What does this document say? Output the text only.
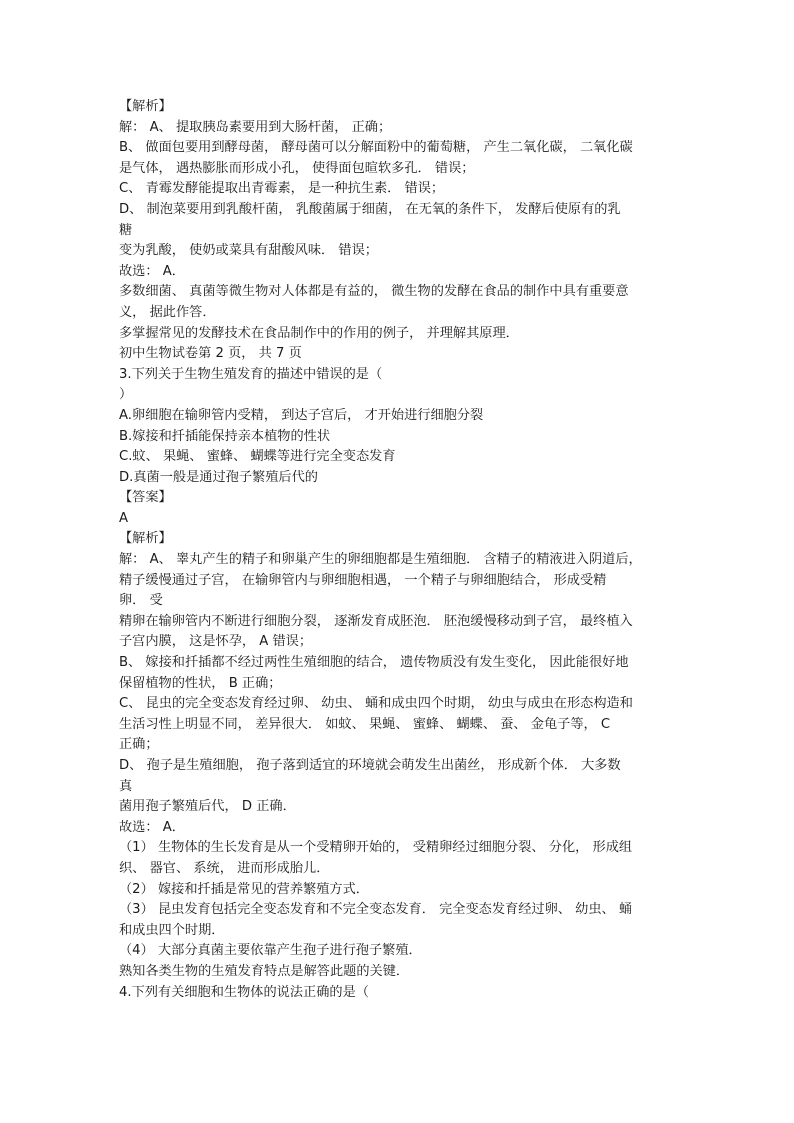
【解析】
解： A、 提取胰岛素要用到大肠杆菌， 正确；
B、 做面包要用到酵母菌， 酵母菌可以分解面粉中的葡萄糖， 产生二氧化碳， 二氧化碳
是气体， 遇热膨胀而形成小孔， 使得面包暄软多孔． 错误；
C、 青霉发酵能提取出青霉素， 是一种抗生素． 错误；
D、 制泡菜要用到乳酸杆菌， 乳酸菌属于细菌， 在无氧的条件下， 发酵后使原有的乳
糖
变为乳酸， 使奶或菜具有甜酸风味． 错误；
故选： A．
多数细菌、 真菌等微生物对人体都是有益的， 微生物的发酵在食品的制作中具有重要意
义， 据此作答．
多掌握常见的发酵技术在食品制作中的作用的例子， 并理解其原理．
初中生物试卷第 2 页， 共 7 页
3.下列关于生物生殖发育的描述中错误的是（
）
A.卵细胞在输卵管内受精， 到达子宫后， 才开始进行细胞分裂
B.嫁接和扦插能保持亲本植物的性状
C.蚊、 果蝇、 蜜蜂、 蝴蝶等进行完全变态发育
D.真菌一般是通过孢子繁殖后代的
【答案】
A
【解析】
解： A、 睾丸产生的精子和卵巢产生的卵细胞都是生殖细胞． 含精子的精液进入阴道后，
精子缓慢通过子宫， 在输卵管内与卵细胞相遇， 一个精子与卵细胞结合， 形成受精
卵． 受
精卵在输卵管内不断进行细胞分裂， 逐渐发育成胚泡． 胚泡缓慢移动到子宫， 最终植入
子宫内膜， 这是怀孕， A 错误；
B、 嫁接和扦插都不经过两性生殖细胞的结合， 遗传物质没有发生变化， 因此能很好地
保留植物的性状， B 正确；
C、 昆虫的完全变态发育经过卵、 幼虫、 蛹和成虫四个时期， 幼虫与成虫在形态构造和
生活习性上明显不同， 差异很大． 如蚊、 果蝇、 蜜蜂、 蝴蝶、 蚕、 金龟子等， C
正确；
D、 孢子是生殖细胞， 孢子落到适宜的环境就会萌发生出菌丝， 形成新个体． 大多数
真
菌用孢子繁殖后代， D 正确．
故选： A．
（1） 生物体的生长发育是从一个受精卵开始的， 受精卵经过细胞分裂、 分化， 形成组
织、 器官、 系统， 进而形成胎儿．
（2） 嫁接和扦插是常见的营养繁殖方式．
（3） 昆虫发育包括完全变态发育和不完全变态发育． 完全变态发育经过卵、 幼虫、 蛹
和成虫四个时期．
（4） 大部分真菌主要依靠产生孢子进行孢子繁殖．
熟知各类生物的生殖发育特点是解答此题的关键．
4.下列有关细胞和生物体的说法正确的是（
